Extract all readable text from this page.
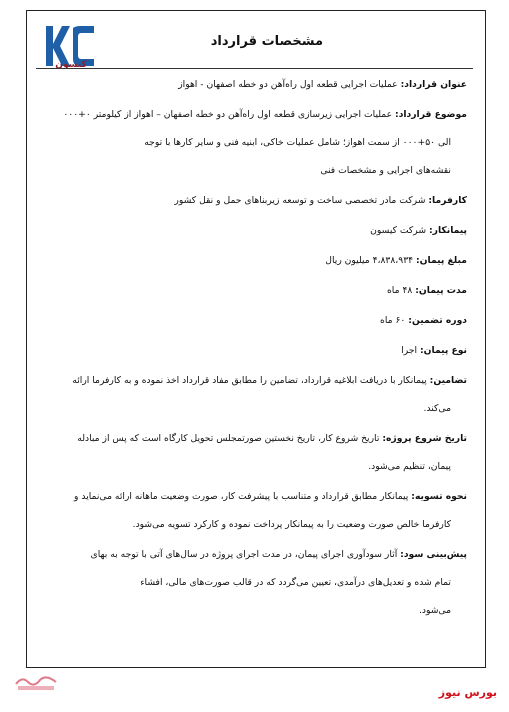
کیسون
مشخصات قرارداد
عنوان قرارداد: عملیات اجرایی قطعه اول راه‌آهن دو خطه اصفهان - اهواز
موضوع قرارداد: عملیات اجرایی زیرسازی قطعه اول راه‌آهن دو خطه اصفهان – اهواز از کیلومتر ۰+۰۰۰
الی ۵۰+۰۰۰ از سمت اهواز؛ شامل عملیات خاکی، ابنیه فنی و سایر کارها با توجه
نقشه‌های اجرایی و مشخصات فنی
کارفرما: شرکت مادر تخصصی ساخت و توسعه زیربناهای حمل و نقل کشور
پیمانکار: شرکت کیسون
مبلغ پیمان: ۴،۸۳۸،۹۳۴ میلیون ریال
مدت پیمان: ۴۸ ماه
دوره تضمین: ۶۰ ماه
نوع پیمان: اجرا
تضامین: پیمانکار با دریافت ابلاغیه قرارداد، تضامین را مطابق مفاد قرارداد اخذ نموده و به کارفرما ارائه
می‌کند.
تاریخ شروع پروژه: تاریخ شروع کار، تاریخ نخستین صورتمجلس تحویل کارگاه است که پس از مبادله
پیمان، تنظیم می‌شود.
نحوه تسویه: پیمانکار مطابق قرارداد و متناسب با پیشرفت کار، صورت وضعیت ماهانه ارائه می‌نماید و
کارفرما خالص صورت وضعیت را به پیمانکار پرداخت نموده و کارکرد تسویه می‌شود.
پیش‌بینی سود: آثار سودآوری اجرای پیمان، در مدت اجرای پروژه در سال‌های آتی با توجه به بهای
تمام شده و تعدیل‌های درآمدی، تعیین می‌گردد که در قالب صورت‌های مالی، افشاء
می‌شود.
بورس نیوز
